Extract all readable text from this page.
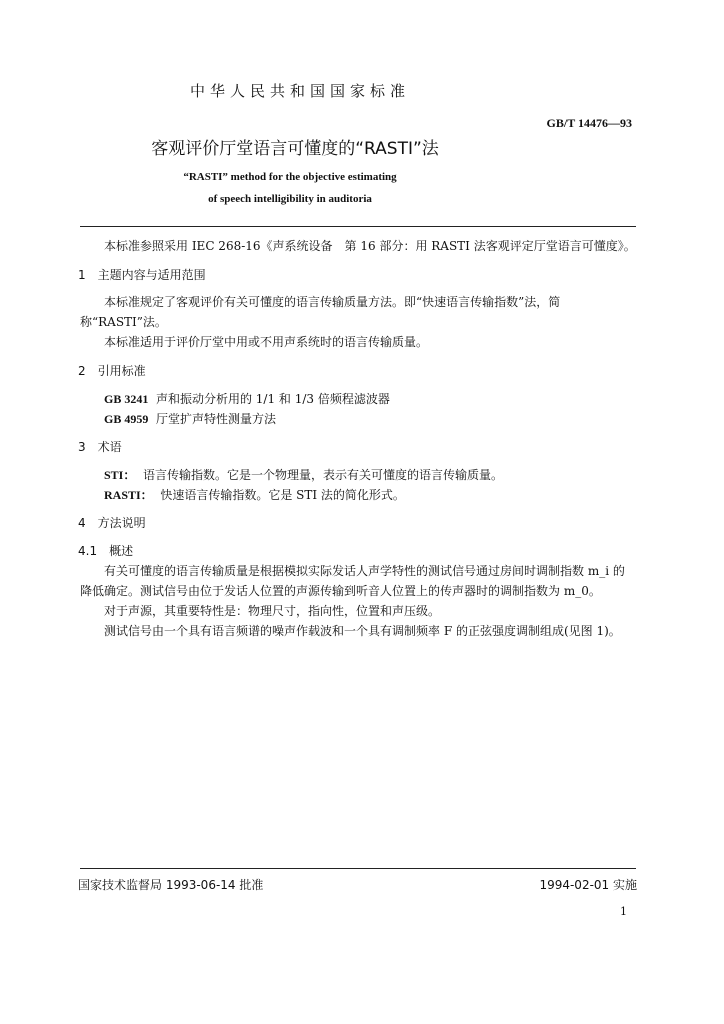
中华人民共和国国家标准
GB/T 14476—93
客观评价厅堂语言可懂度的“RASTI”法
“RASTI” method for the objective estimating
of speech intelligibility in auditoria
本标准参照采用 IEC 268-16《声系统设备　第 16 部分：用 RASTI 法客观评定厅堂语言可懂度》。
1　主题内容与适用范围
本标准规定了客观评价有关可懂度的语言传输质量方法。即“快速语言传输指数”法，简称“RASTI”法。
本标准适用于评价厅堂中用或不用声系统时的语言传输质量。
2　引用标准
GB 3241 声和振动分析用的 1/1 和 1/3 倍频程滤波器
GB 4959 厅堂扩声特性测量方法
3　术语
STI： 语言传输指数。它是一个物理量，表示有关可懂度的语言传输质量。
RASTI： 快速语言传输指数。它是 STI 法的简化形式。
4　方法说明
4.1　概述
有关可懂度的语言传输质量是根据模拟实际发话人声学特性的测试信号通过房间时调制指数 m_i 的降低确定。测试信号由位于发话人位置的声源传输到听音人位置上的传声器时的调制指数为 m_0。
对于声源，其重要特性是：物理尺寸，指向性，位置和声压级。
测试信号由一个具有语言频谱的噪声作载波和一个具有调制频率 F 的正弦强度调制组成(见图 1)。
国家技术监督局 1993-06-14 批准	1994-02-01 实施
1
